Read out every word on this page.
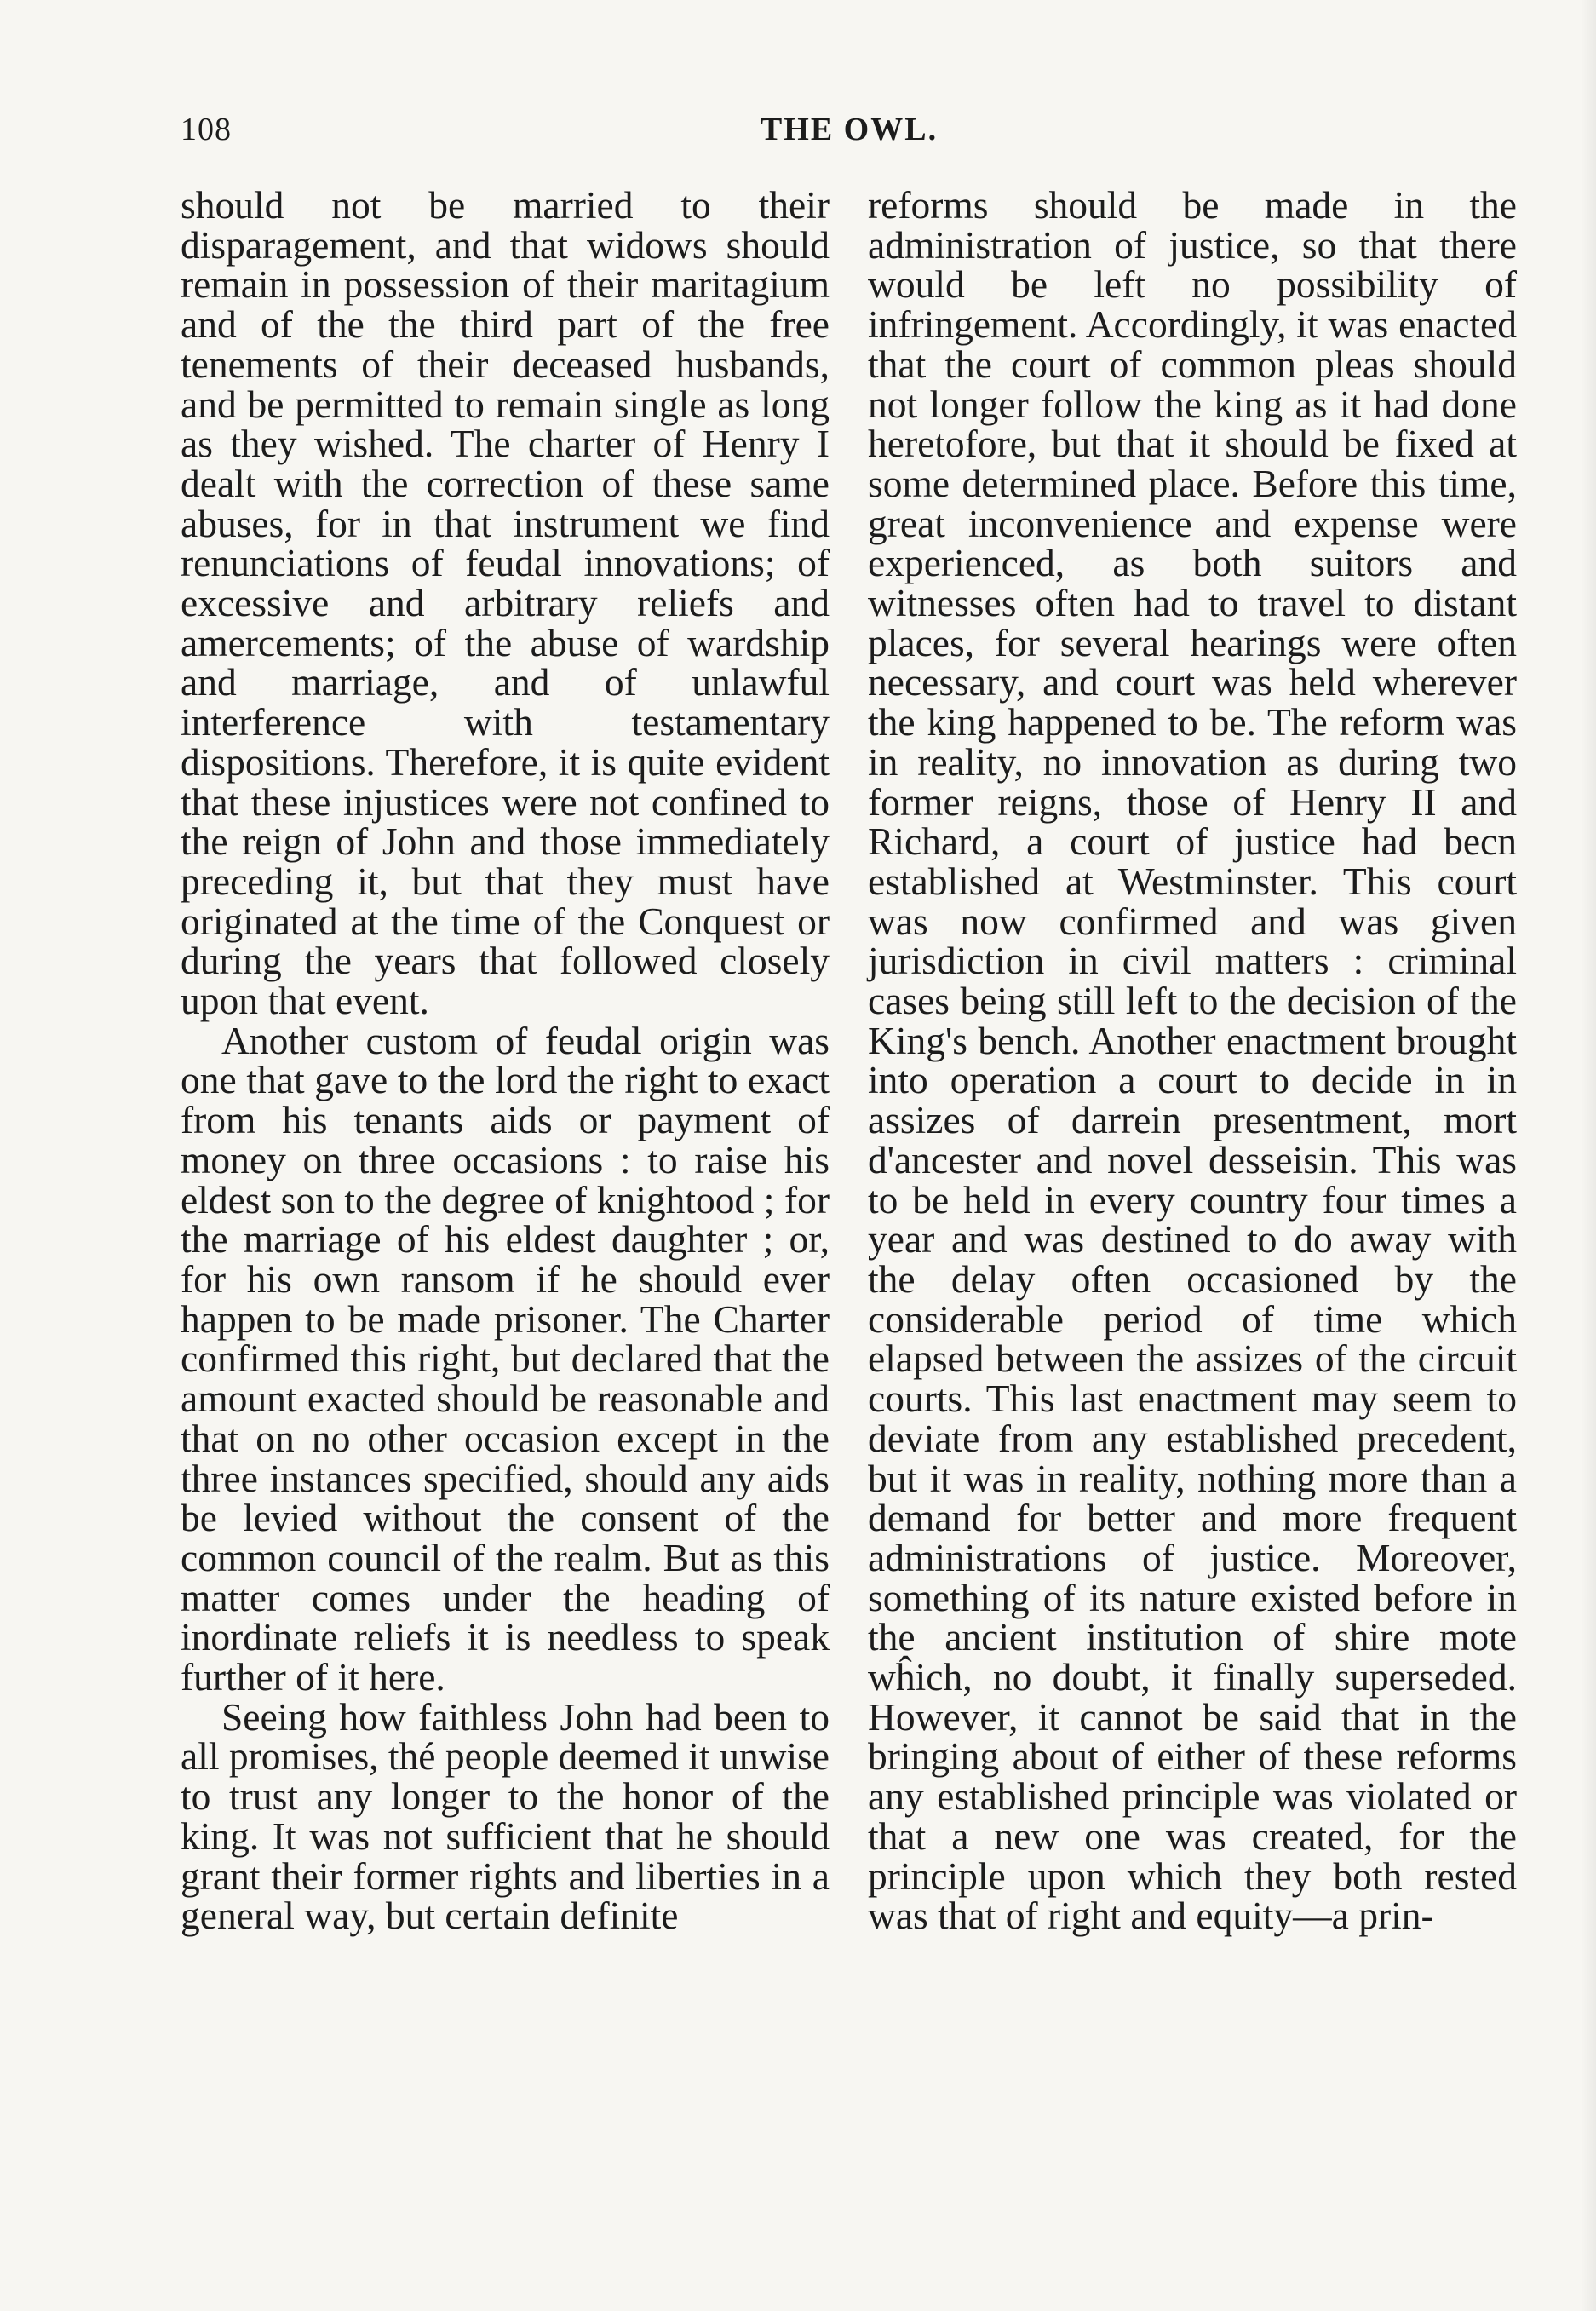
108	THE OWL.

should not be married to their disparagement, and that widows should remain in possession of their maritagium and of the the third part of the free tenements of their deceased husbands, and be permitted to remain single as long as they wished. The charter of Henry I dealt with the correction of these same abuses, for in that instrument we find renunciations of feudal innovations; of excessive and arbitrary reliefs and amercements; of the abuse of wardship and marriage, and of unlawful interference with testamentary dispositions. Therefore, it is quite evident that these injustices were not confined to the reign of John and those immediately preceding it, but that they must have originated at the time of the Conquest or during the years that followed closely upon that event.

Another custom of feudal origin was one that gave to the lord the right to exact from his tenants aids or payment of money on three occasions : to raise his eldest son to the degree of knightood ; for the marriage of his eldest daughter ; or, for his own ransom if he should ever happen to be made prisoner. The Charter confirmed this right, but declared that the amount exacted should be reasonable and that on no other occasion except in the three instances specified, should any aids be levied without the consent of the common council of the realm. But as this matter comes under the heading of inordinate reliefs it is needless to speak further of it here.

Seeing how faithless John had been to all promises, thé people deemed it unwise to trust any longer to the honor of the king. It was not sufficient that he should grant their former rights and liberties in a general way, but certain definite

reforms should be made in the administration of justice, so that there would be left no possibility of infringement. Accordingly, it was enacted that the court of common pleas should not longer follow the king as it had done heretofore, but that it should be fixed at some determined place. Before this time, great inconvenience and expense were experienced, as both suitors and witnesses often had to travel to distant places, for several hearings were often necessary, and court was held wherever the king happened to be. The reform was in reality, no innovation as during two former reigns, those of Henry II and Richard, a court of justice had becn established at Westminster. This court was now confirmed and was given jurisdiction in civil matters : criminal cases being still left to the decision of the King's bench. Another enactment brought into operation a court to decide in in assizes of darrein presentment, mort d'ancester and novel desseisin. This was to be held in every country four times a year and was destined to do away with the delay often occasioned by the considerable period of time which elapsed between the assizes of the circuit courts. This last enactment may seem to deviate from any established precedent, but it was in reality, nothing more than a demand for better and more frequent administrations of justice. Moreover, something of its nature existed before in the ancient institution of shire mote wĥich, no doubt, it finally superseded. However, it cannot be said that in the bringing about of either of these reforms any established principle was violated or that a new one was created, for the principle upon which they both rested was that of right and equity—a prin-
